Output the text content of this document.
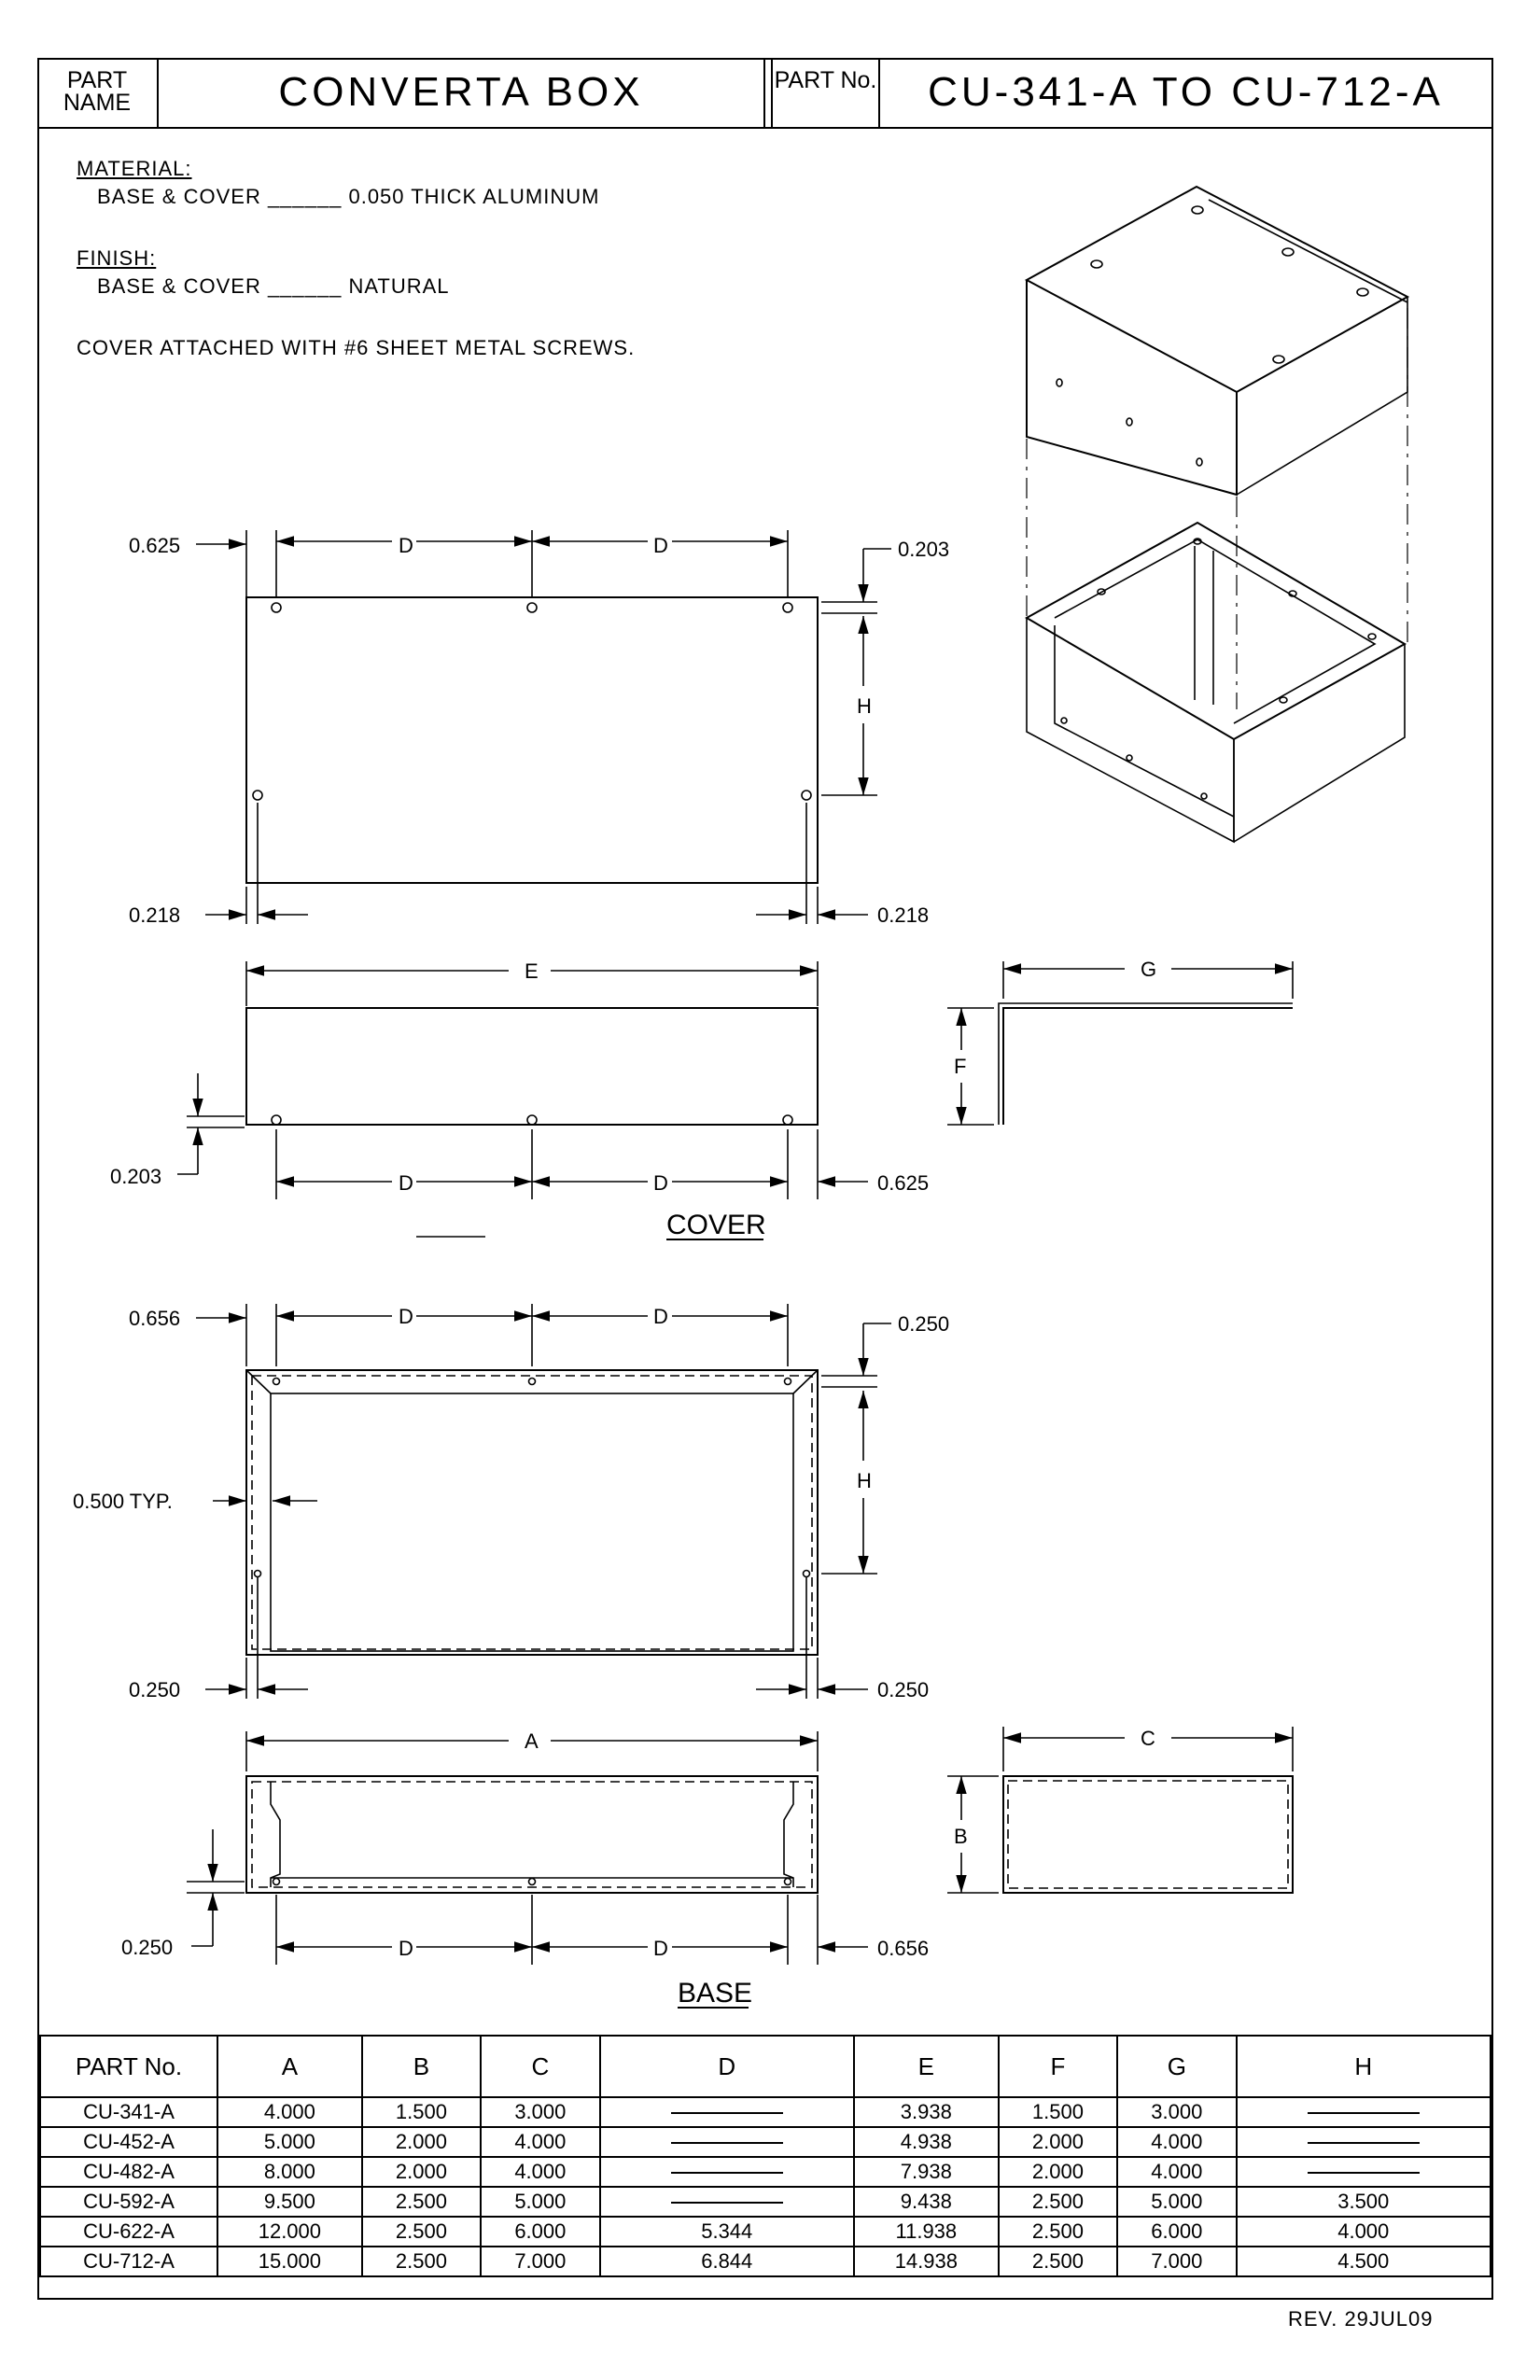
PART NAME	CONVERTA BOX	PART No.	CU-341-A TO CU-712-A
MATERIAL:
BASE & COVER ______ 0.050 THICK ALUMINUM
FINISH:
BASE & COVER ______ NATURAL
COVER ATTACHED WITH #6 SHEET METAL SCREWS.
0.625	D	D	0.203
H
0.218	0.218
E
0.203	D	D	0.625
G
F
COVER
0.656	D	D	0.250
H
0.500 TYP.
0.250	0.250
A
0.250	D	D	0.656
C
B
BASE
PART No.	A	B	C	D	E	F	G	H
CU-341-A	4.000	1.500	3.000		3.938	1.500	3.000	
CU-452-A	5.000	2.000	4.000		4.938	2.000	4.000	
CU-482-A	8.000	2.000	4.000		7.938	2.000	4.000	
CU-592-A	9.500	2.500	5.000		9.438	2.500	5.000	3.500
CU-622-A	12.000	2.500	6.000	5.344	11.938	2.500	6.000	4.000
CU-712-A	15.000	2.500	7.000	6.844	14.938	2.500	7.000	4.500
REV. 29JUL09
